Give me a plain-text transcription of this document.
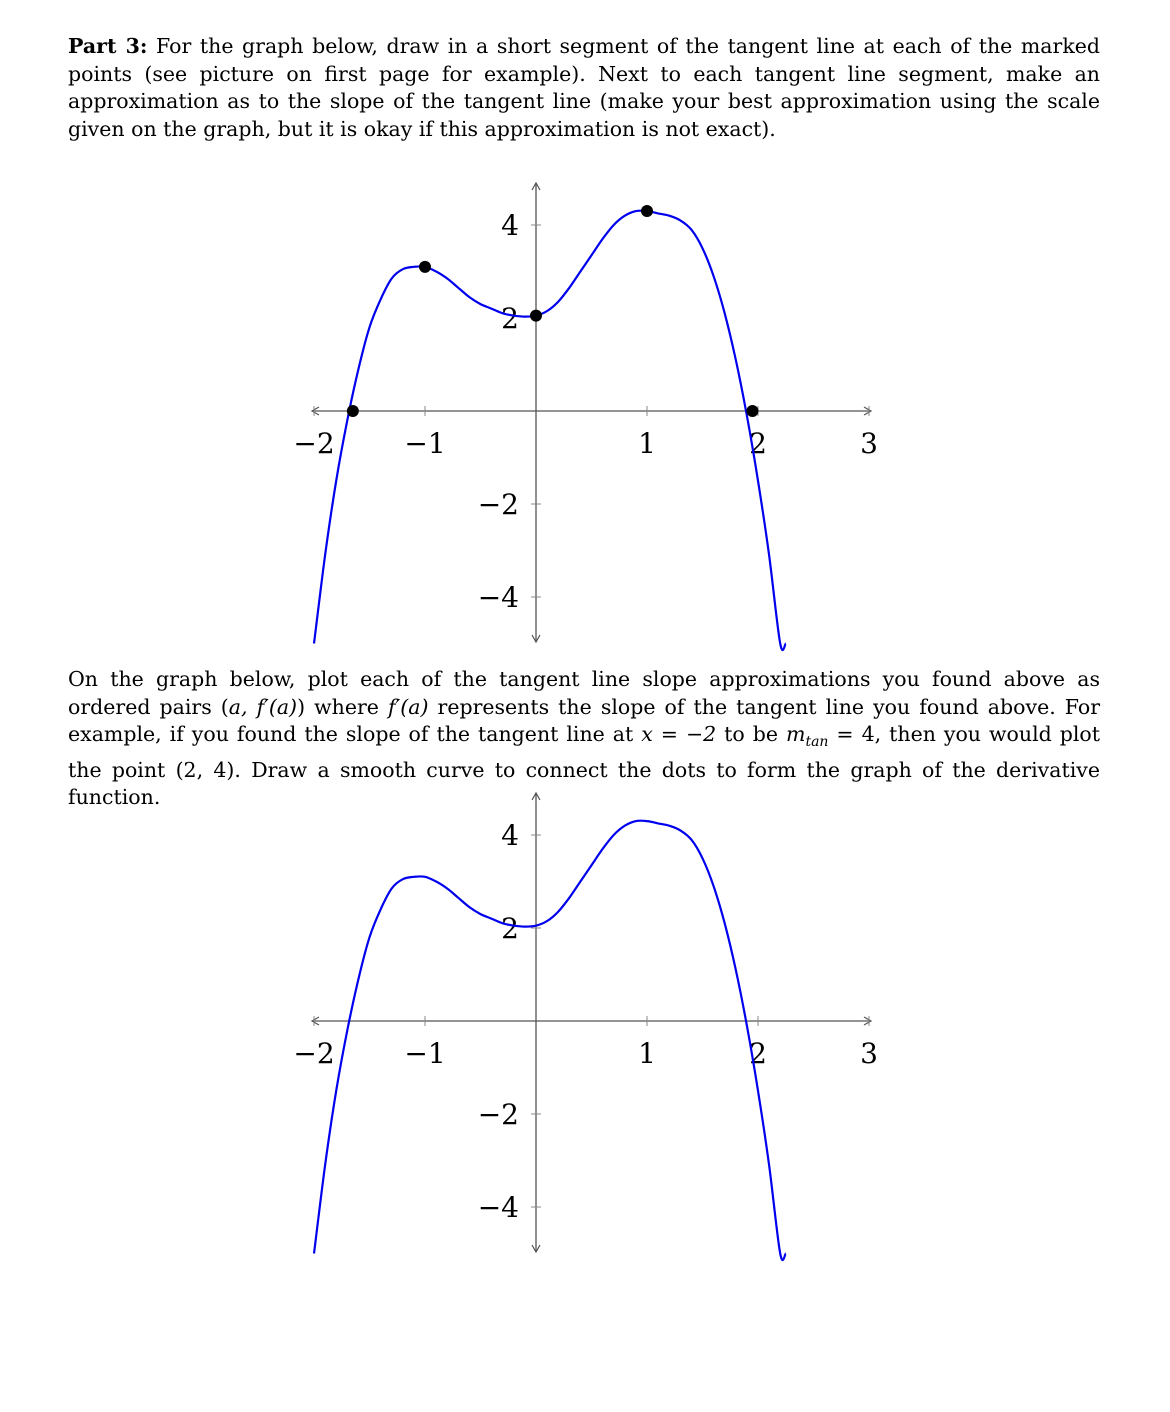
Part 3: For the graph below, draw in a short segment of the tangent line at each of the marked points (see picture on first page for example). Next to each tangent line segment, make an approximation as to the slope of the tangent line (make your best approximation using the scale given on the graph, but it is okay if this approximation is not exact).

−2 −1	1	2	3
4
2
−2
−4

On the graph below, plot each of the tangent line slope approximations you found above as ordered pairs (a, f′(a)) where f′(a) represents the slope of the tangent line you found above. For example, if you found the slope of the tangent line at x = −2 to be $m_{tan} = 4$, then you would plot the point (2, 4). Draw a smooth curve to connect the dots to form the graph of the derivative function.

−2 −1	1	2	3
4
2
−2
−4
